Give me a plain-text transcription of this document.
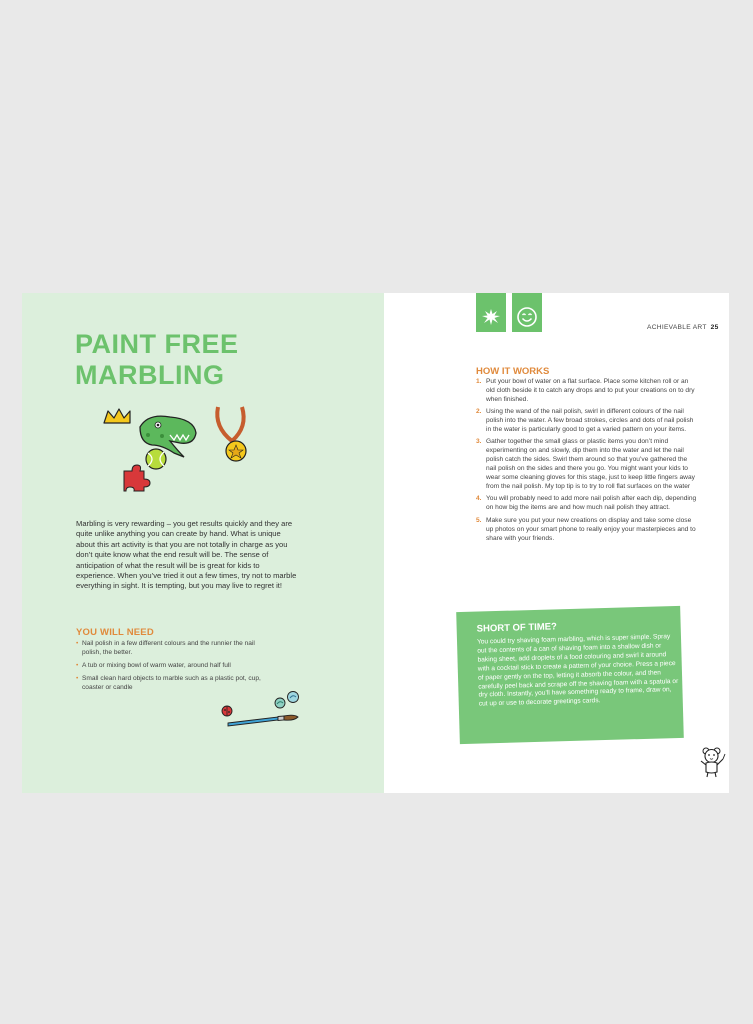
PAINT FREE
MARBLING

Marbling is very rewarding – you get results quickly and they are quite unlike anything you can create by hand. What is unique about this art activity is that you are not totally in charge as you don’t quite know what the end result will be. The sense of anticipation of what the result will be is great for kids to experience. When you’ve tried it out a few times, try not to marble everything in sight. It is tempting, but you may live to regret it!

YOU WILL NEED
• Nail polish in a few different colours and the runnier the nail polish, the better.
• A tub or mixing bowl of warm water, around half full
• Small clean hard objects to marble such as a plastic pot, cup, coaster or candle

ACHIEVABLE ART 25

HOW IT WORKS
1. Put your bowl of water on a flat surface. Place some kitchen roll or an old cloth beside it to catch any drops and to put your creations on to dry when finished.
2. Using the wand of the nail polish, swirl in different colours of the nail polish into the water. A few broad strokes, circles and dots of nail polish in the water is particularly good to get a varied pattern on your items.
3. Gather together the small glass or plastic items you don’t mind experimenting on and slowly, dip them into the water and let the nail polish catch the sides. Swirl them around so that you’ve gathered the nail polish on the sides and there you go. You might want your kids to wear some cleaning gloves for this stage, just to keep little fingers away from the nail polish. My top tip is to try to roll flat surfaces on the water
4. You will probably need to add more nail polish after each dip, depending on how big the items are and how much nail polish they attract.
5. Make sure you put your new creations on display and take some close up photos on your smart phone to really enjoy your masterpieces and to share with your friends.
SHORT OF TIME?

You could try shaving foam marbling, which is super simple. Spray out the contents of a can of shaving foam into a shallow dish or baking sheet, add droplets of a food colouring and swirl it around with a cocktail stick to create a pattern of your choice. Press a piece of paper gently on the top, letting it absorb the colour, and then carefully peel back and scrape off the shaving foam with a spatula or dry cloth. Instantly, you’ll have something ready to frame, draw on, cut up or use to decorate greetings cards.
